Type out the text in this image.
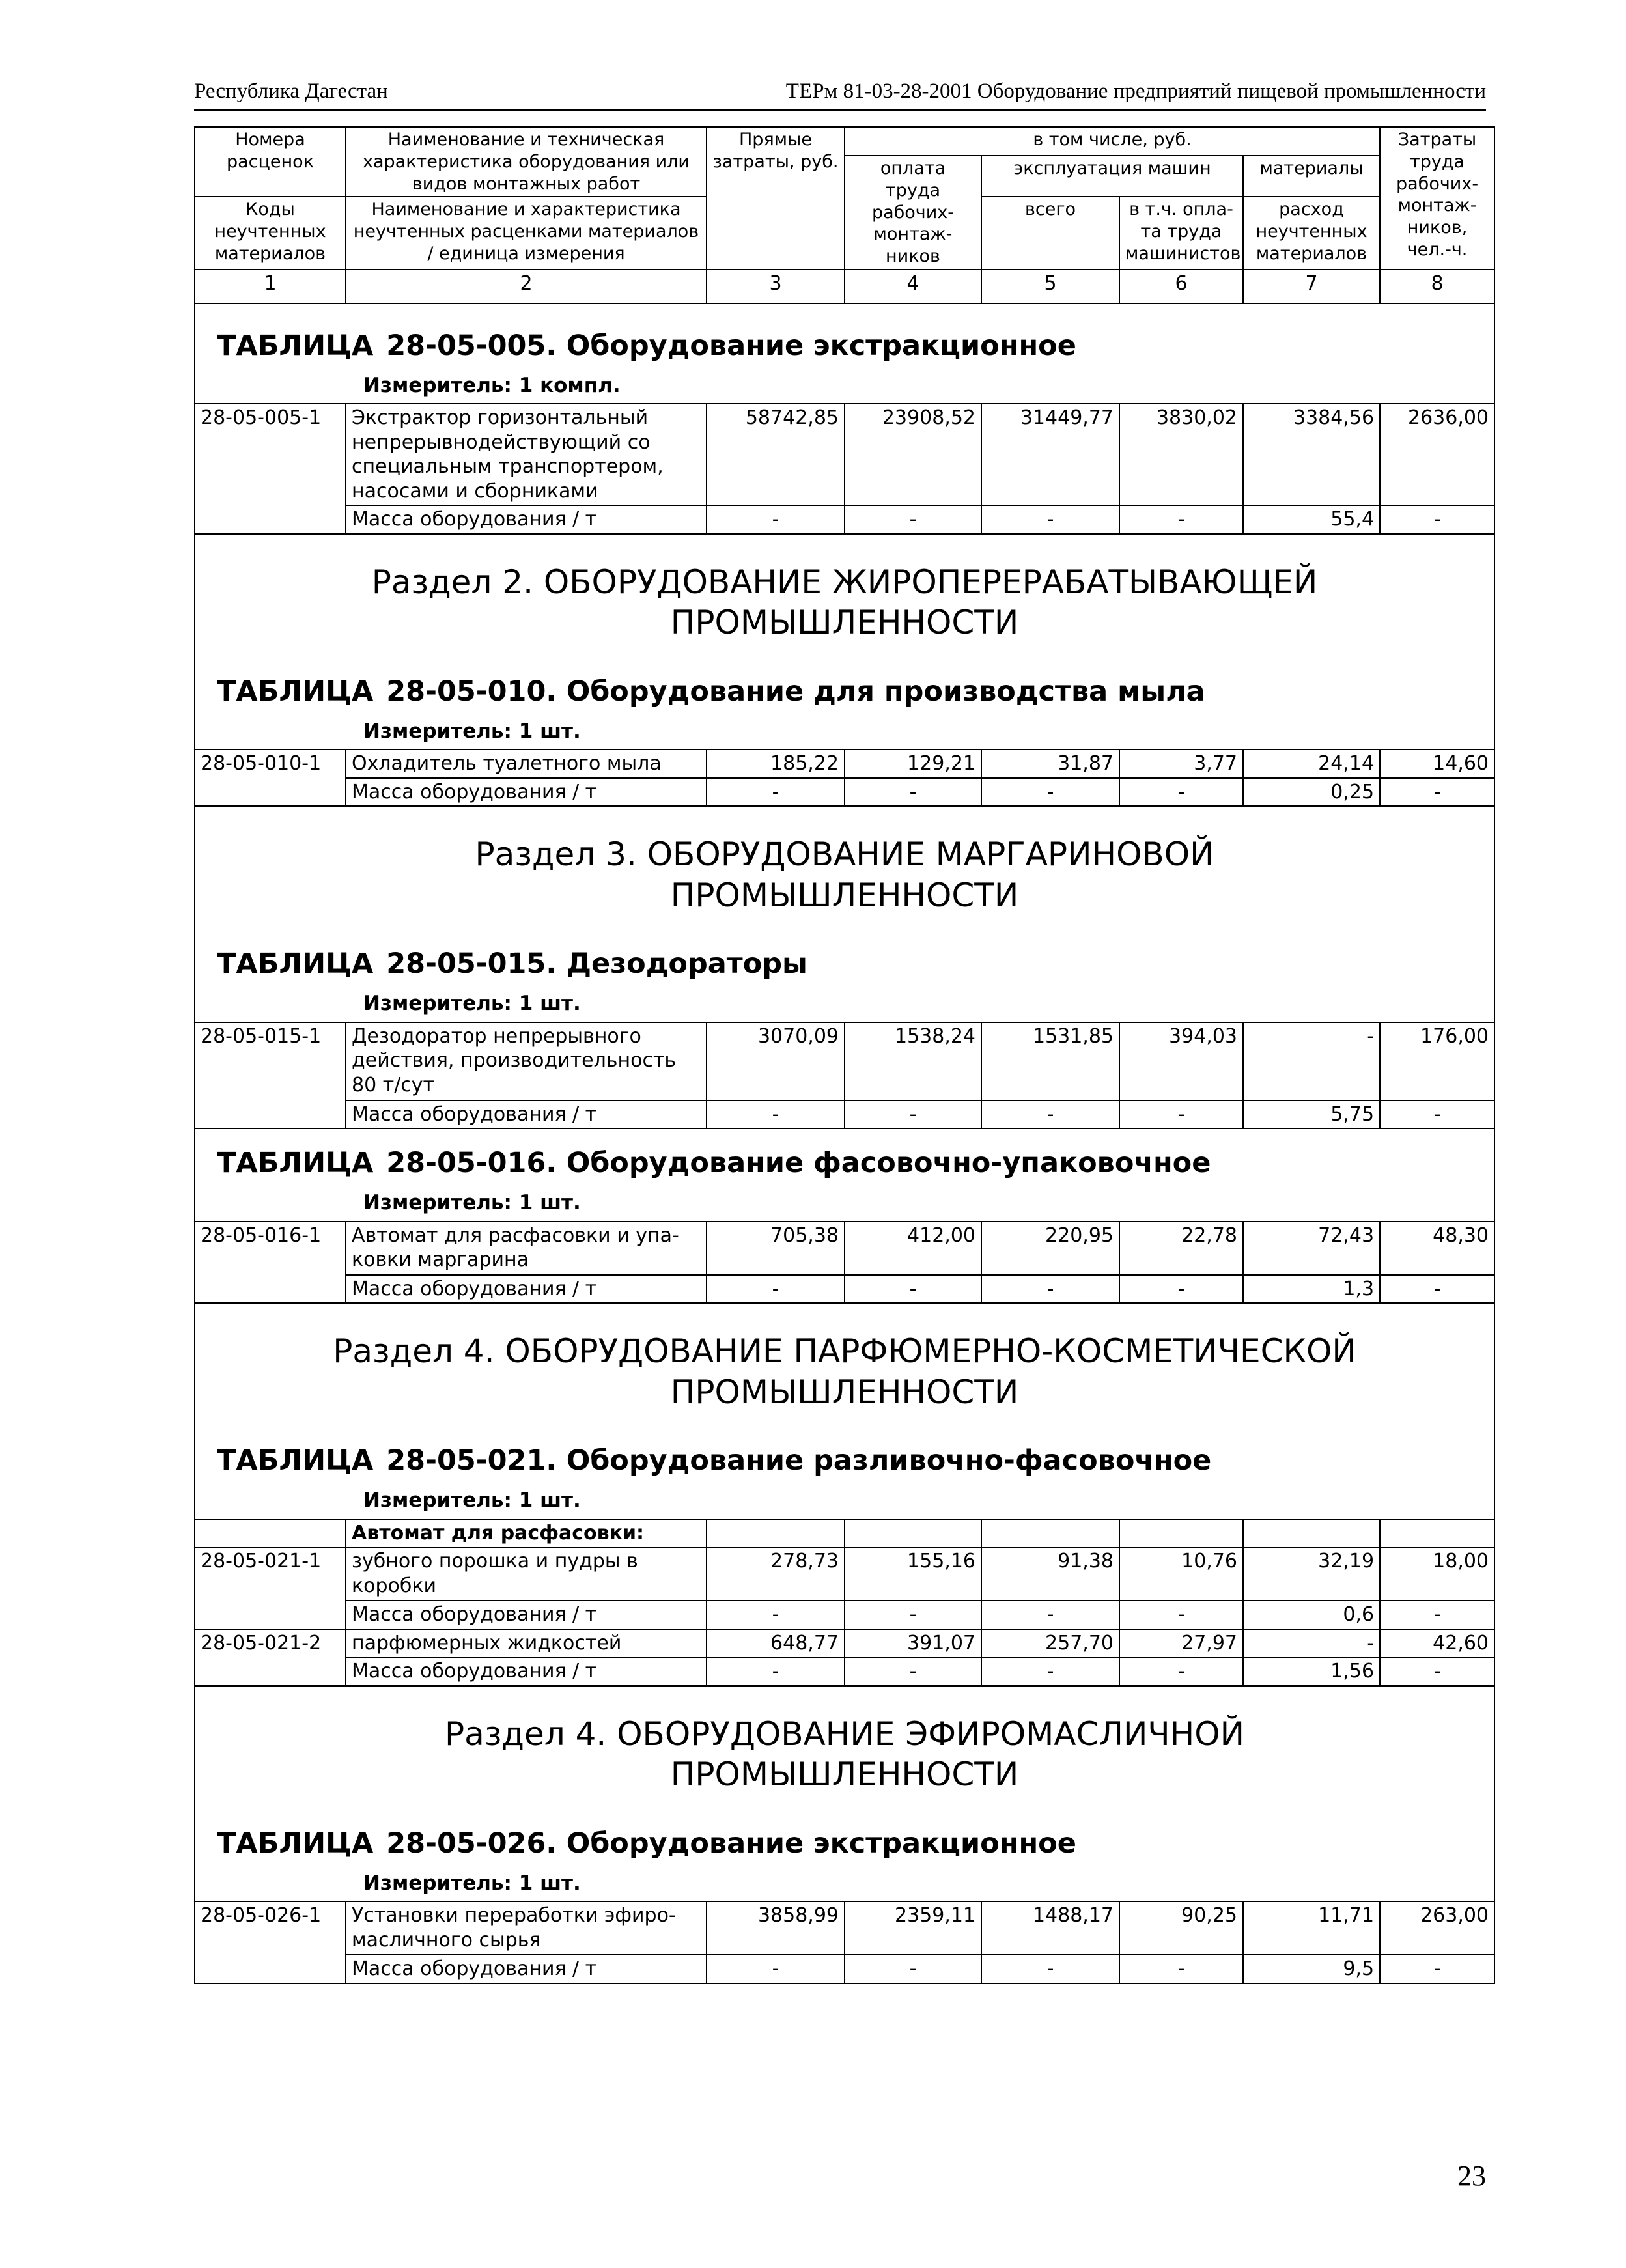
Республика Дагестан	ТЕРм 81-03-28-2001 Оборудование предприятий пищевой промышленности
Номера расценок	Наименование и техническая характеристика оборудования или видов монтажных работ	Прямые затраты, руб.	в том числе, руб.				Затраты труда рабочих-монтаж-ников, чел.-ч.
			оплата труда рабочих-монтаж-ников	эксплуатация машин		материалы	
Коды неучтенных материалов	Наименование и характеристика неучтенных расценками материалов / единица измерения			всего	в т.ч. опла-та труда машинистов	расход неучтенных материалов	

1	2	3	4	5	6	7	8

ТАБЛИЦА 28-05-005. Оборудование экстракционное
Измеритель: 1 компл.							

28-05-005-1	Экстрактор горизонтальный непрерывнодействующий со специальным транспортером, насосами и сборниками	58742,85	23908,52	31449,77	3830,02	3384,56	2636,00
	Масса оборудования / т	-	-	-	-	55,4	-

Раздел 2. ОБОРУДОВАНИЕ ЖИРОПЕРЕРАБАТЫВАЮЩЕЙ
ПРОМЫШЛЕННОСТИ
ТАБЛИЦА 28-05-010. Оборудование для производства мыла
Измеритель: 1 шт.							

28-05-010-1	Охладитель туалетного мыла	185,22	129,21	31,87	3,77	24,14	14,60
	Масса оборудования / т	-	-	-	-	0,25	-

Раздел 3. ОБОРУДОВАНИЕ МАРГАРИНОВОЙ
ПРОМЫШЛЕННОСТИ
ТАБЛИЦА 28-05-015. Дезодораторы
Измеритель: 1 шт.							

28-05-015-1	Дезодоратор непрерывного действия, производительность 80 т/сут	3070,09	1538,24	1531,85	394,03	-	176,00
	Масса оборудования / т	-	-	-	-	5,75	-

ТАБЛИЦА 28-05-016. Оборудование фасовочно-упаковочное
Измеритель: 1 шт.							

28-05-016-1	Автомат для расфасовки и упа-ковки маргарина	705,38	412,00	220,95	22,78	72,43	48,30
	Масса оборудования / т	-	-	-	-	1,3	-

Раздел 4. ОБОРУДОВАНИЕ ПАРФЮМЕРНО-КОСМЕТИЧЕСКОЙ
ПРОМЫШЛЕННОСТИ
ТАБЛИЦА 28-05-021. Оборудование разливочно-фасовочное
Измеритель: 1 шт.							

	Автомат для расфасовки:						
28-05-021-1	зубного порошка и пудры в коробки	278,73	155,16	91,38	10,76	32,19	18,00
	Масса оборудования / т	-	-	-	-	0,6	-
28-05-021-2	парфюмерных жидкостей	648,77	391,07	257,70	27,97	-	42,60
	Масса оборудования / т	-	-	-	-	1,56	-

Раздел 4. ОБОРУДОВАНИЕ ЭФИРОМАСЛИЧНОЙ
ПРОМЫШЛЕННОСТИ
ТАБЛИЦА 28-05-026. Оборудование экстракционное
Измеритель: 1 шт.							

28-05-026-1	Установки переработки эфиро-масличного сырья	3858,99	2359,11	1488,17	90,25	11,71	263,00
	Масса оборудования / т	-	-	-	-	9,5	-
23
